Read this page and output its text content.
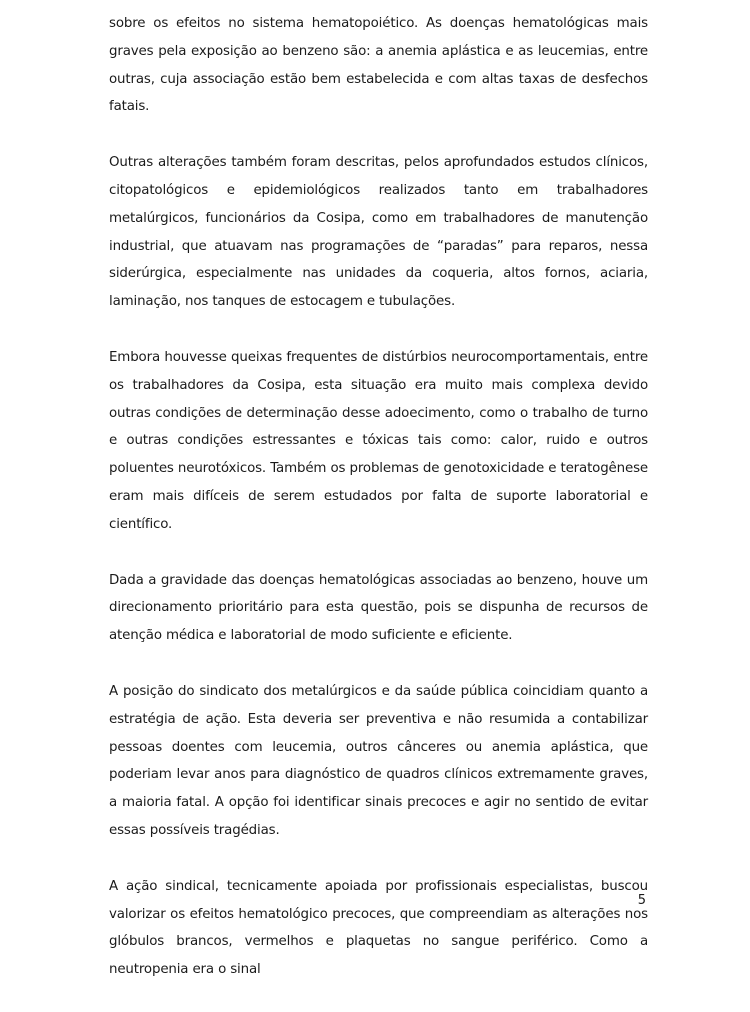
sobre os efeitos no sistema hematopoiético. As doenças hematológicas mais graves pela exposição ao benzeno são: a anemia aplástica e as leucemias, entre outras, cuja associação estão bem estabelecida e com altas taxas de desfechos fatais.

Outras alterações também foram descritas, pelos aprofundados estudos clínicos, citopatológicos e epidemiológicos realizados tanto em trabalhadores metalúrgicos, funcionários da Cosipa, como em trabalhadores de manutenção industrial, que atuavam nas programações de “paradas” para reparos, nessa siderúrgica, especialmente nas unidades da coqueria, altos fornos, aciaria, laminação, nos tanques de estocagem e tubulações.

Embora houvesse queixas frequentes de distúrbios neurocomportamentais, entre os trabalhadores da Cosipa, esta situação era muito mais complexa devido outras condições de determinação desse adoecimento, como o trabalho de turno e outras condições estressantes e tóxicas tais como: calor, ruido e outros poluentes neurotóxicos. Também os problemas de genotoxicidade e teratogênese eram mais difíceis de serem estudados por falta de suporte laboratorial e científico.

Dada a gravidade das doenças hematológicas associadas ao benzeno, houve um direcionamento prioritário para esta questão, pois se dispunha de recursos de atenção médica e laboratorial de modo suficiente e eficiente.

A posição do sindicato dos metalúrgicos e da saúde pública coincidiam quanto a estratégia de ação. Esta deveria ser preventiva e não resumida a contabilizar pessoas doentes com leucemia, outros cânceres ou anemia aplástica, que poderiam levar anos para diagnóstico de quadros clínicos extremamente graves, a maioria fatal. A opção foi identificar sinais precoces e agir no sentido de evitar essas possíveis tragédias.

A ação sindical, tecnicamente apoiada por profissionais especialistas, buscou valorizar os efeitos hematológico precoces, que compreendiam as alterações nos glóbulos brancos, vermelhos e plaquetas no sangue periférico. Como a neutropenia era o sinal

5
